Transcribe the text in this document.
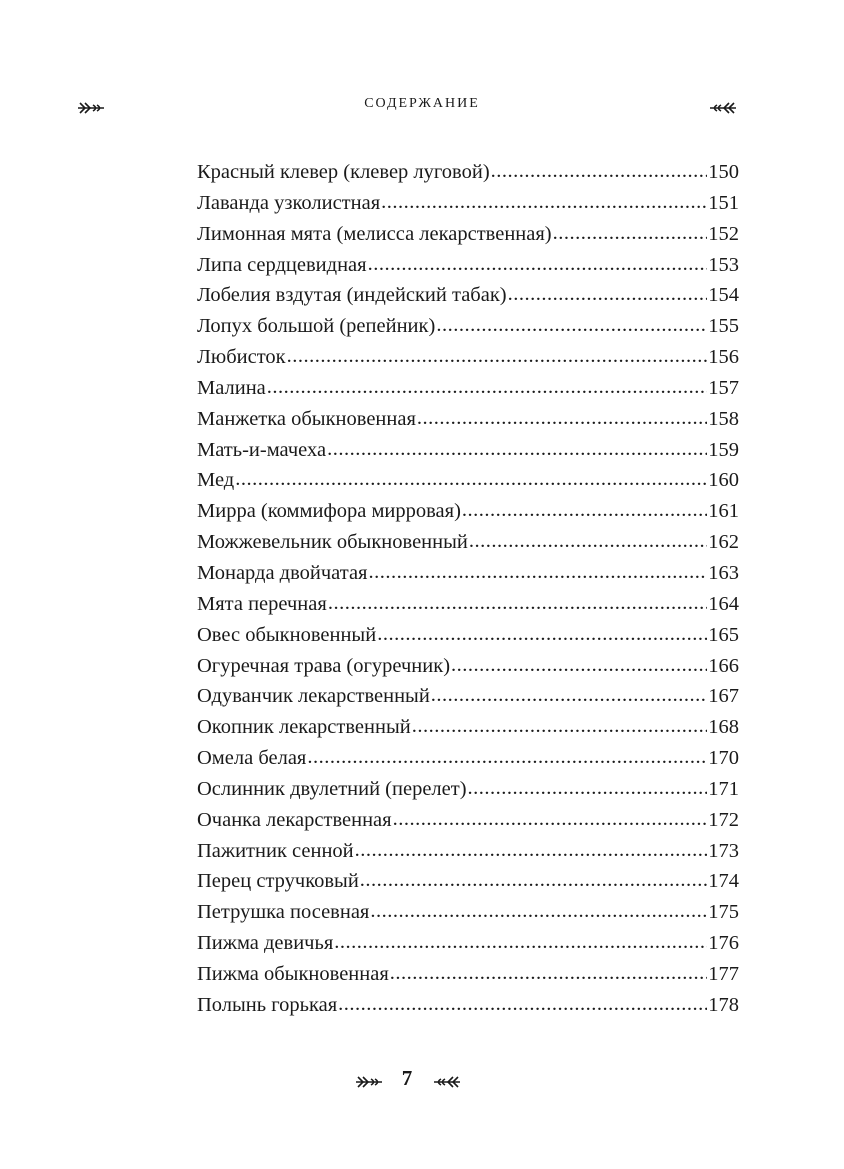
СОДЕРЖАНИЕ
Красный клевер (клевер луговой) .....	150
Лаванда узколистная .....	151
Лимонная мята (мелисса лекарственная) .....	152
Липа сердцевидная .....	153
Лобелия вздутая (индейский табак) .....	154
Лопух большой (репейник) .....	155
Любисток .....	156
Малина .....	157
Манжетка обыкновенная .....	158
Мать-и-мачеха .....	159
Мед .....	160
Мирра (коммифора мирровая) .....	161
Можжевельник обыкновенный .....	162
Монарда двойчатая .....	163
Мята перечная .....	164
Овес обыкновенный .....	165
Огуречная трава (огуречник) .....	166
Одуванчик лекарственный .....	167
Окопник лекарственный .....	168
Омела белая .....	170
Ослинник двулетний (перелет) .....	171
Очанка лекарственная .....	172
Пажитник сенной .....	173
Перец стручковый .....	174
Петрушка посевная .....	175
Пижма девичья .....	176
Пижма обыкновенная .....	177
Полынь горькая .....	178
7
